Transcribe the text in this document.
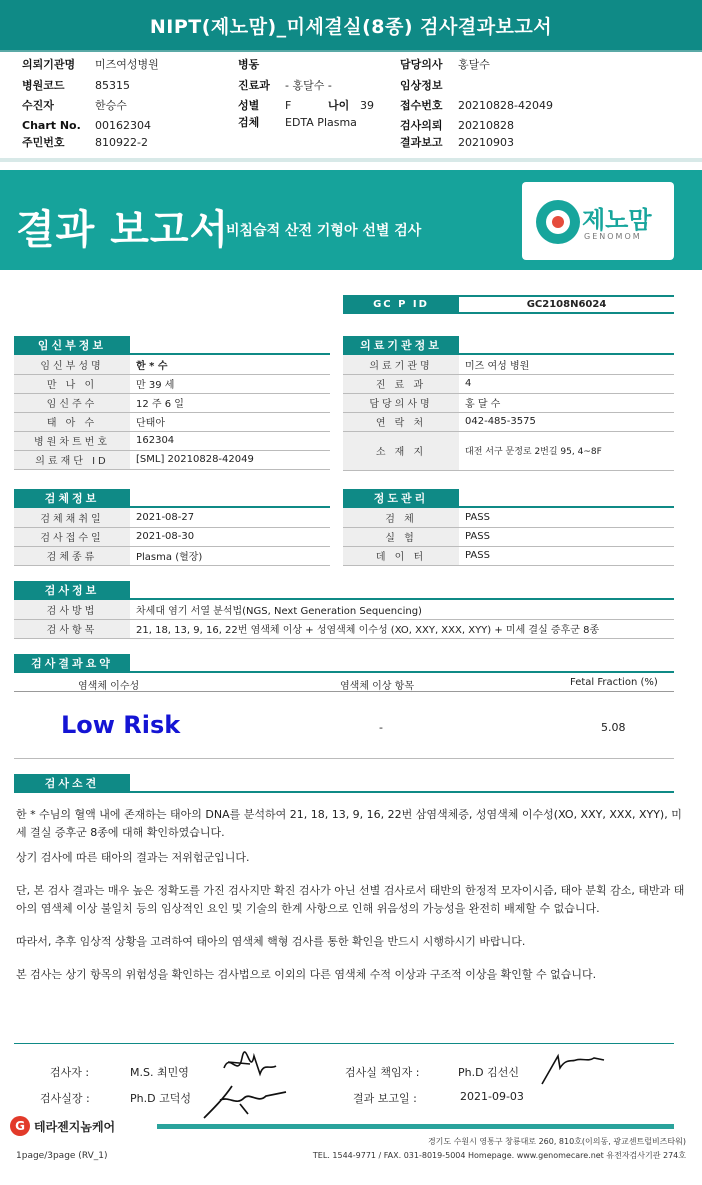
NIPT(제노맘)_미세결실(8종) 검사결과보고서
의뢰기관명 미즈여성병원
병원코드	85315
수진자	한승수
Chart No. 00162304
주민번호	810922-2
병동
진료과 - 홍달수 -
성별 F	나이 39
검체 EDTA Plasma
담당의사 홍달수
임상정보
접수번호 20210828-42049
검사의뢰 20210828
결과보고 20210903
결과 보고서
비침습적 산전 기형아 선별 검사	제노맘
GENOMOM
GC P ID	GC2108N6024
임신부정보
임신부성명	한 * 수
만 나 이	만 39 세
임신주수	12 주 6 일
태 아 수	단태아
병원차트번호	162304
의료재단 ID	[SML] 20210828-42049
의료기관정보
의료기관명	미즈 여성 병원
진 료 과	4
담당의사명	홍 달 수
연 락 처	042-485-3575
소 재 지	대전 서구 문정로 2번길 95, 4~8F
검체정보
검체채취일	2021-08-27
검사접수일	2021-08-30
검체종류	Plasma (혈장)
정도관리
검 체	PASS
실 험	PASS
데 이 터	PASS
검사정보
검사방법	차세대 염기 서열 분석법(NGS, Next Generation Sequencing)
검사항목	21, 18, 13, 9, 16, 22번 염색체 이상 + 성염색체 이수성 (XO, XXY, XXX, XYY) + 미세 결실 증후군 8종
검사결과요약
염색체 이수성	염색체 이상 항목	Fetal Fraction (%)
Low Risk	-	5.08
검사소견
한 * 수님의 혈액 내에 존재하는 태아의 DNA를 분석하여 21, 18, 13, 9, 16, 22번 삼염색체증, 성염색체 이수성(XO, XXY, XXX, XYY), 미세 결실 증후군 8종에 대해 확인하였습니다.
상기 검사에 따른 태아의 결과는 저위험군입니다.
단, 본 검사 결과는 매우 높은 정확도를 가진 검사지만 확진 검사가 아닌 선별 검사로서 태반의 한정적 모자이시즘, 태아 분획 감소, 태반과 태아의 염색체 이상 불일치 등의 임상적인 요인 및 기술의 한계 사항으로 인해 위음성의 가능성을 완전히 배제할 수 없습니다.
따라서, 추후 임상적 상황을 고려하여 태아의 염색체 핵형 검사를 통한 확인을 반드시 시행하시기 바랍니다.
본 검사는 상기 항목의 위험성을 확인하는 검사법으로 이외의 다른 염색체 수적 이상과 구조적 이상을 확인할 수 없습니다.
검사자 :	M.S. 최민영	검사실 책임자 :	Ph.D 김선신
검사실장 :	Ph.D 고덕성	결과 보고일 :	2021-09-03
G 테라젠지놈케어
경기도 수원시 영통구 창룡대로 260, 810호(이의동, 광교센트럴비즈타워)
TEL. 1544-9771 / FAX. 031-8019-5004 Homepage. www.genomecare.net 유전자검사기관 274호
1page/3page (RV_1)
